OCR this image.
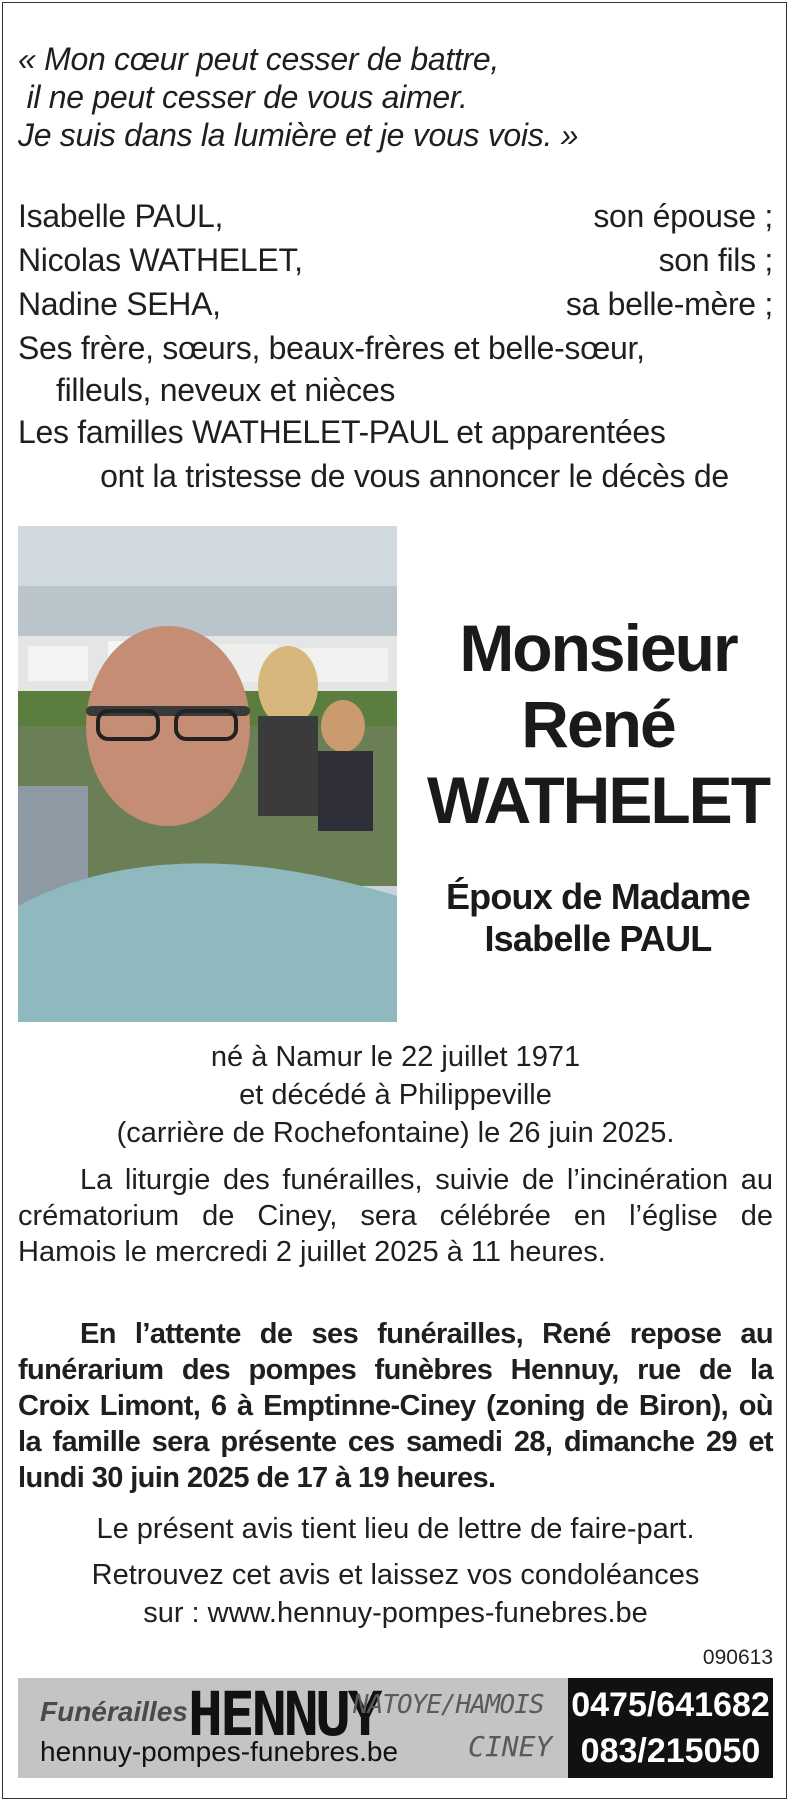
« Mon cœur peut cesser de battre,
il ne peut cesser de vous aimer.
Je suis dans la lumière et je vous vois. »
Isabelle PAUL,	son épouse ;
Nicolas WATHELET,	son fils ;
Nadine SEHA,	sa belle-mère ;
Ses frère, sœurs, beaux-frères et belle-sœur,
filleuls, neveux et nièces
Les familles WATHELET-PAUL et apparentées
ont la tristesse de vous annoncer le décès de
Monsieur
René
WATHELET
Époux de Madame
Isabelle PAUL
né à Namur le 22 juillet 1971
et décédé à Philippeville
(carrière de Rochefontaine) le 26 juin 2025.
La liturgie des funérailles, suivie de l’incinération au crématorium de Ciney, sera célébrée en l’église de Hamois le mercredi 2 juillet 2025 à 11 heures.
En l’attente de ses funérailles, René repose au funérarium des pompes funèbres Hennuy, rue de la Croix Limont, 6 à Emptinne-Ciney (zoning de Biron), où la famille sera présente ces samedi 28, dimanche 29 et lundi 30 juin 2025 de 17 à 19 heures.
Le présent avis tient lieu de lettre de faire-part.
Retrouvez cet avis et laissez vos condoléances
sur : www.hennuy-pompes-funebres.be
090613
Funérailles HENNUY
NATOYE/HAMOIS
CINEY
hennuy-pompes-funebres.be
0475/641682
083/215050
